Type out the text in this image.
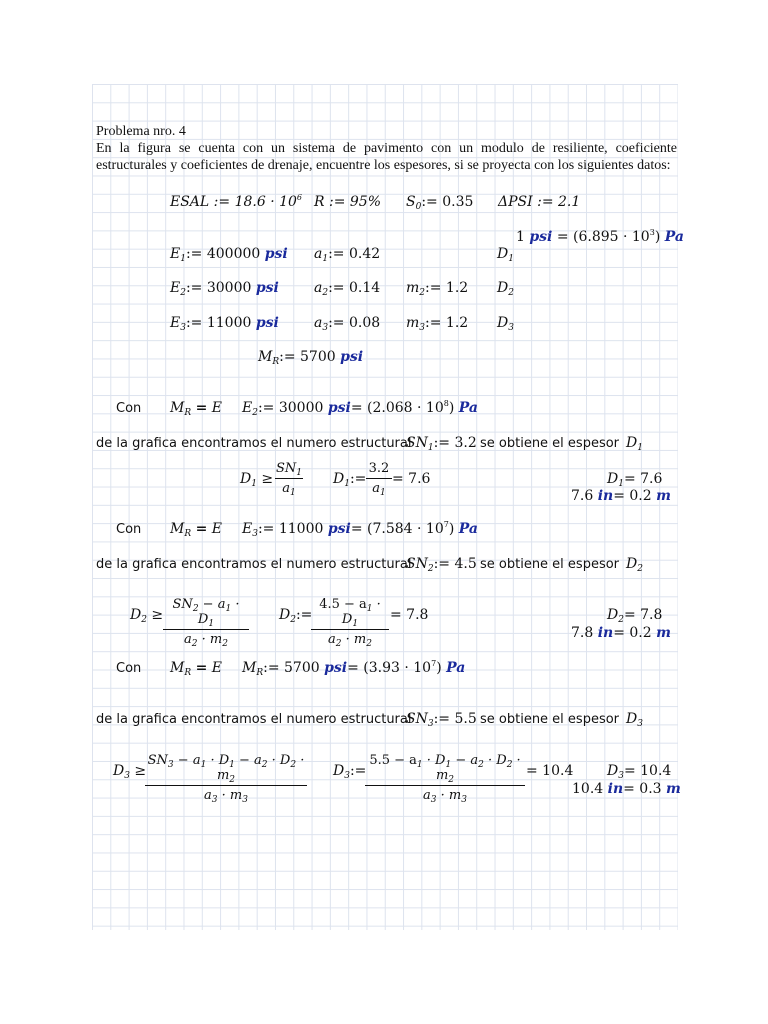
Problema nro. 4
En la figura se cuenta con un sistema de pavimento con un modulo de resiliente, coeficiente estructurales y coeficientes de drenaje, encuentre los espesores, si se proyecta con los siguientes datos:
ESAL := $18.6 \cdot 10^6$ R := 95% $S_0:= 0.35$ ΔPSI := 2.1
1 psi = $(6.895 \cdot 10^3)$ Pa
$E_1:= 400000$ psi $a_1:= 0.42$	$D_1$
$E_2:= 30000$ psi	$a_2:= 0.14$ $m_2:= 1.2$ $D_2$
$E_3:= 11000$ psi	$a_3:= 0.08$ $m_3:= 1.2$ $D_3$
$M_R:= 5700$ psi
Con $M_R = E$ $E_2:= 30000$ $psi= (2.068 \cdot 10^8)$ Pa
de la grafica encontramos el numero estructural
$SN_1:= 3.2$ se obtiene el espesor $D_1$
$D_1 \ge \frac{SN_1}{a_1}$ $D_1:= \frac{3.2}{a_1} = 7.6$	$D_1= 7.6$
7.6 in= 0.2 m
Con $M_R = E$ $E_3:= 11000$ $psi= (7.584 \cdot 10^7)$ Pa
de la grafica encontramos el numero estructural
$SN_2:= 4.5$ se obtiene el espesor $D_2$
$D_2 \ge \frac{SN_2 - a_1 \cdot D_1}{a_2 \cdot m_2}$ $D_2:=$
$\frac{4.5 - a_1 \cdot D_1}{a_2 \cdot m_2} = 7.8$	$D_2= 7.8$
7.8 in= 0.2 m
Con $M_R = E$ $M_R:= 5700$ $psi= (3.93 \cdot 10^7)$ Pa
de la grafica encontramos el numero estructural
$SN_3:= 5.5$ se obtiene el espesor $D_3$
$D_3$ ≥
$\frac{SN_3 - a_1 \cdot D_1 - a_2 \cdot D_2 \cdot m_2}{a_3 \cdot m_3}$ $D_3:=$
$\frac{5.5 - a_1 \cdot D_1 - a_2 \cdot D_2 \cdot m_2}{a_3 \cdot m_3} = 10.4$ $D_3= 10.4$
10.4 in= 0.3 m
